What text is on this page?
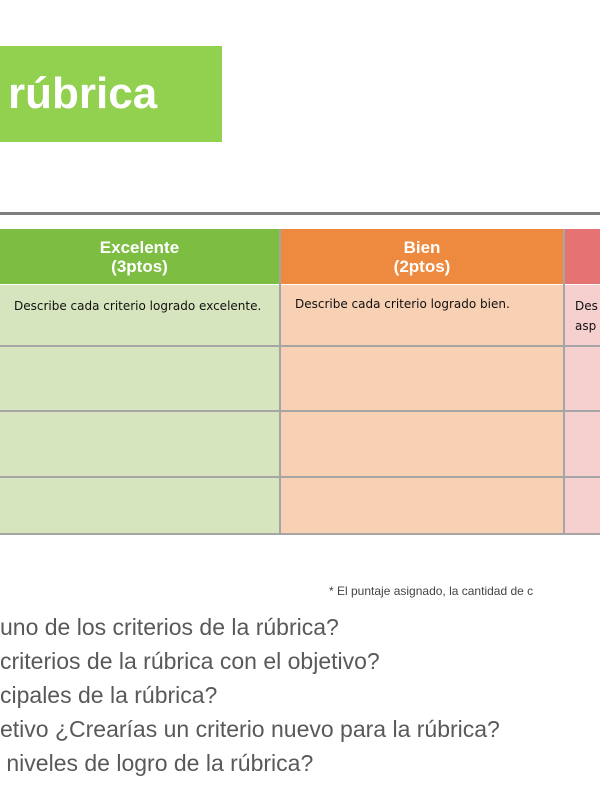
rúbrica
Excelente
(3ptos)
Describe cada criterio logrado excelente.
Bien
(2ptos)
Describe cada criterio logrado bien.	Des asp
* El puntaje asignado, la cantidad de c
uno de los criterios de la rúbrica?
criterios de la rúbrica con el objetivo?
cipales de la rúbrica?
etivo ¿Crearías un criterio nuevo para la rúbrica?
niveles de logro de la rúbrica?
